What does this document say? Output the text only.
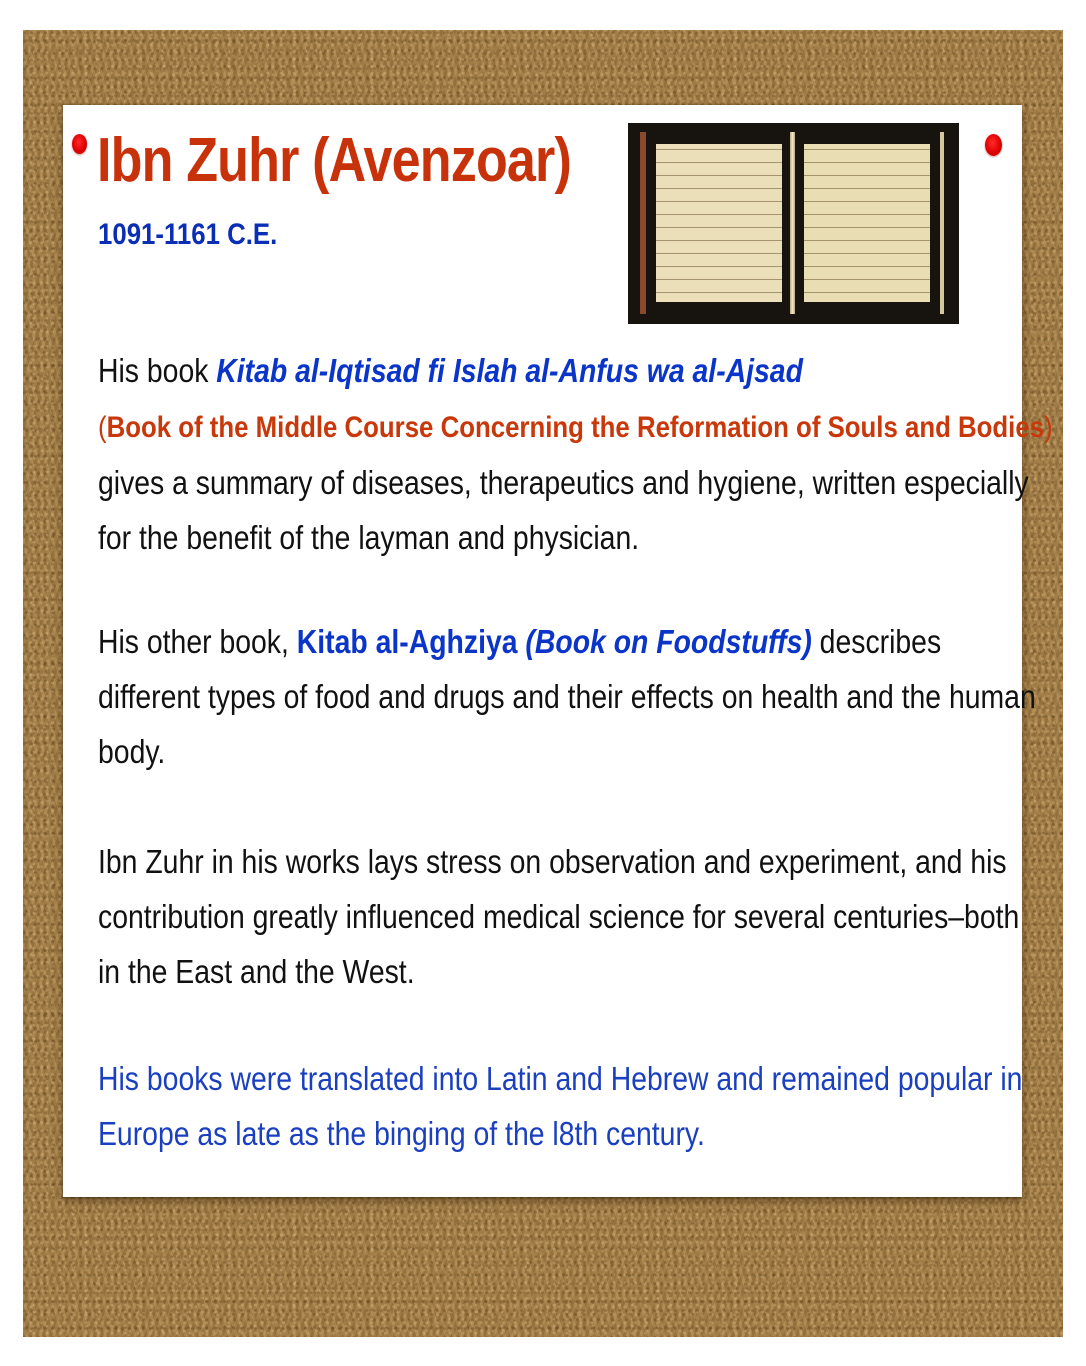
Ibn Zuhr (Avenzoar)
1091-1161 C.E.
His book Kitab al-Iqtisad fi Islah al-Anfus wa al-Ajsad
(Book of the Middle Course Concerning the Reformation of Souls and Bodies)
gives a summary of diseases, therapeutics and hygiene, written especially
for the benefit of the layman and physician.
His other book, Kitab al-Aghziya (Book on Foodstuffs) describes
different types of food and drugs and their effects on health and the human
body.
Ibn Zuhr in his works lays stress on observation and experiment, and his
contribution greatly influenced medical science for several centuries–both
in the East and the West.
His books were translated into Latin and Hebrew and remained popular in
Europe as late as the binging of the l8th century.
